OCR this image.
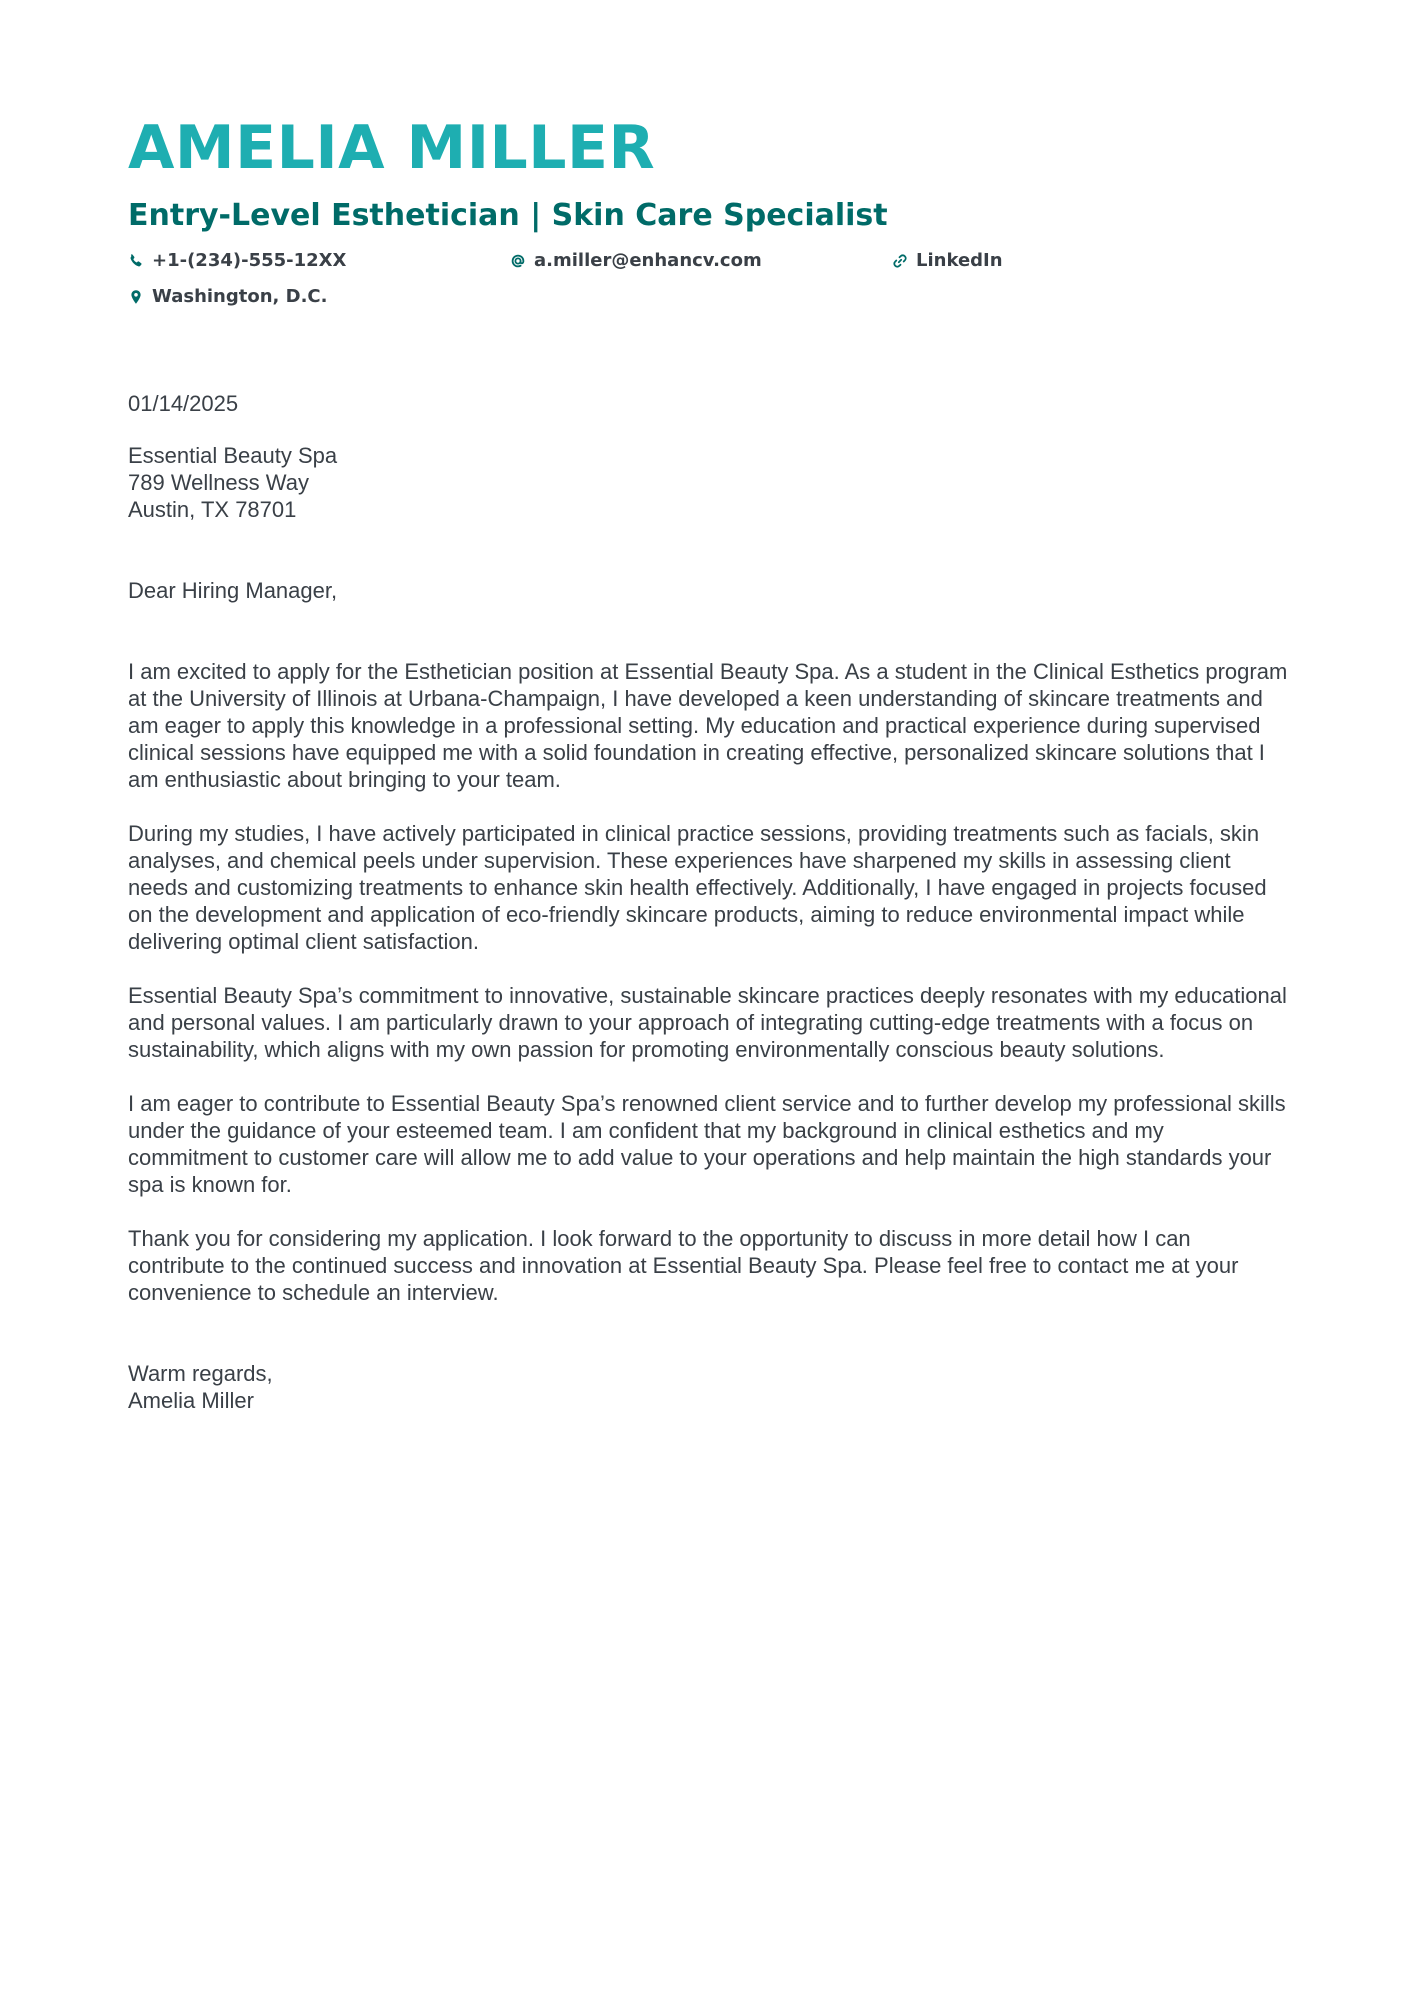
AMELIA MILLER
Entry-Level Esthetician | Skin Care Specialist
+1-(234)-555-12XX	a.miller@enhancv.com	LinkedIn
Washington, D.C.
01/14/2025
Essential Beauty Spa
789 Wellness Way
Austin, TX 78701
Dear Hiring Manager,

I am excited to apply for the Esthetician position at Essential Beauty Spa. As a student in the Clinical Esthetics program at the University of Illinois at Urbana-Champaign, I have developed a keen understanding of skincare treatments and am eager to apply this knowledge in a professional setting. My education and practical experience during supervised clinical sessions have equipped me with a solid foundation in creating effective, personalized skincare solutions that I am enthusiastic about bringing to your team.

During my studies, I have actively participated in clinical practice sessions, providing treatments such as facials, skin analyses, and chemical peels under supervision. These experiences have sharpened my skills in assessing client needs and customizing treatments to enhance skin health effectively. Additionally, I have engaged in projects focused on the development and application of eco-friendly skincare products, aiming to reduce environmental impact while delivering optimal client satisfaction.

Essential Beauty Spa’s commitment to innovative, sustainable skincare practices deeply resonates with my educational and personal values. I am particularly drawn to your approach of integrating cutting-edge treatments with a focus on sustainability, which aligns with my own passion for promoting environmentally conscious beauty solutions.

I am eager to contribute to Essential Beauty Spa’s renowned client service and to further develop my professional skills under the guidance of your esteemed team. I am confident that my background in clinical esthetics and my commitment to customer care will allow me to add value to your operations and help maintain the high standards your spa is known for.

Thank you for considering my application. I look forward to the opportunity to discuss in more detail how I can contribute to the continued success and innovation at Essential Beauty Spa. Please feel free to contact me at your convenience to schedule an interview.

Warm regards,
Amelia Miller
